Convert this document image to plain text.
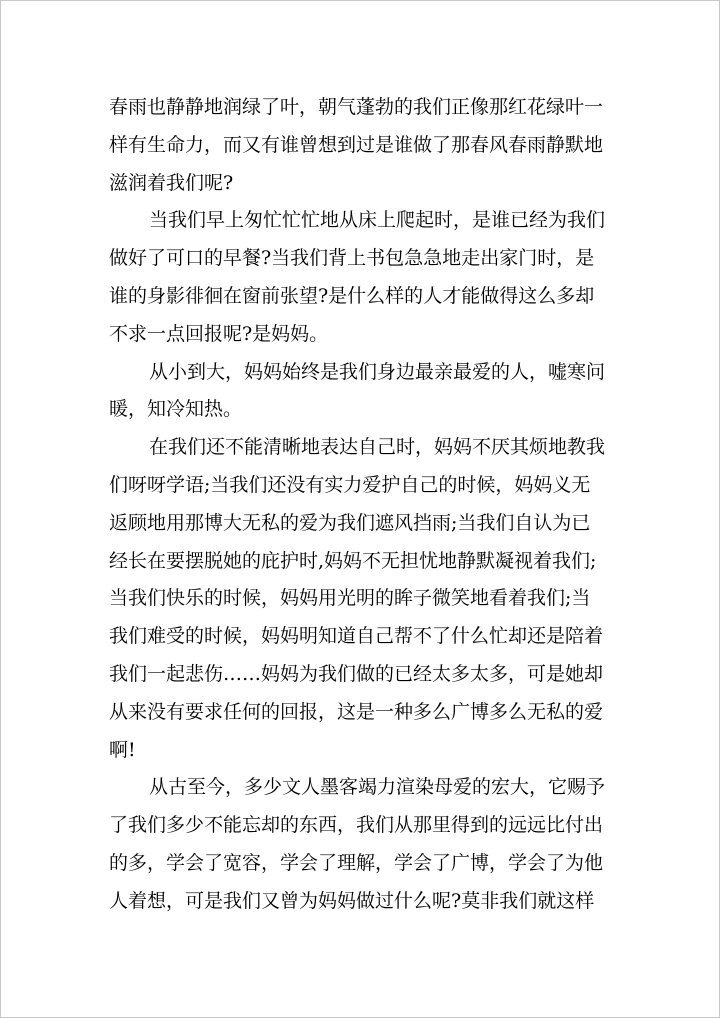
春雨也静静地润绿了叶，朝气蓬勃的我们正像那红花绿叶一
样有生命力，而又有谁曾想到过是谁做了那春风春雨静默地
滋润着我们呢?
当我们早上匆忙忙忙地从床上爬起时，是谁已经为我们
做好了可口的早餐?当我们背上书包急急地走出家门时，是
谁的身影徘徊在窗前张望?是什么样的人才能做得这么多却
不求一点回报呢?是妈妈。
从小到大，妈妈始终是我们身边最亲最爱的人，嘘寒问
暖，知冷知热。
在我们还不能清晰地表达自己时，妈妈不厌其烦地教我
们呀呀学语;当我们还没有实力爱护自己的时候，妈妈义无
返顾地用那博大无私的爱为我们遮风挡雨;当我们自认为已
经长在要摆脱她的庇护时,妈妈不无担忧地静默凝视着我们;
当我们快乐的时候，妈妈用光明的眸子微笑地看着我们;当
我们难受的时候，妈妈明知道自己帮不了什么忙却还是陪着
我们一起悲伤……妈妈为我们做的已经太多太多，可是她却
从来没有要求任何的回报，这是一种多么广博多么无私的爱
啊!
从古至今，多少文人墨客竭力渲染母爱的宏大，它赐予
了我们多少不能忘却的东西，我们从那里得到的远远比付出
的多，学会了宽容，学会了理解，学会了广博，学会了为他
人着想，可是我们又曾为妈妈做过什么呢?莫非我们就这样
